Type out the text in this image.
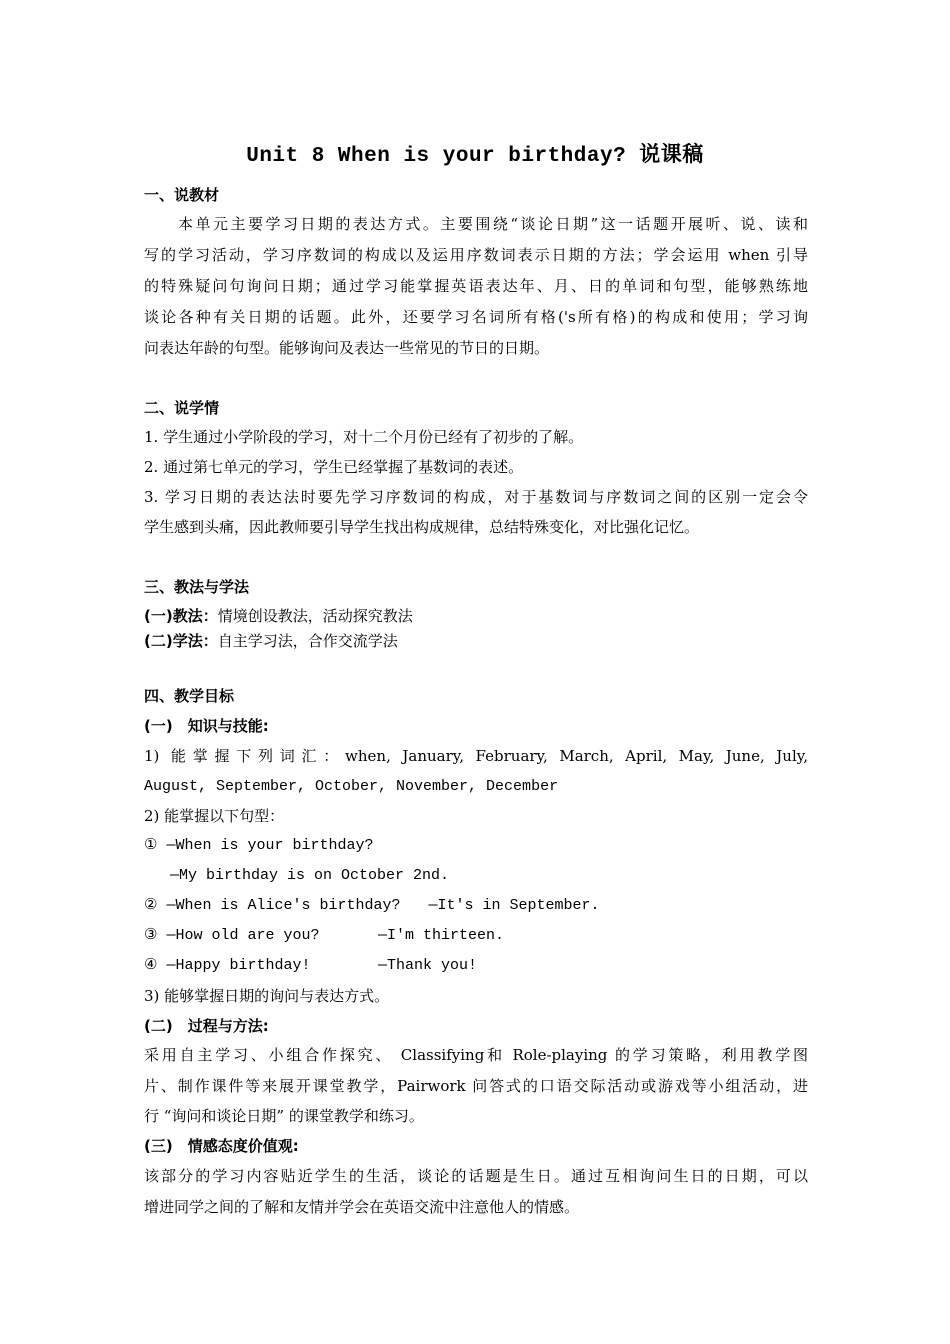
Unit 8 When is your birthday? 说课稿
一、说教材
本单元主要学习日期的表达方式。主要围绕“谈论日期”这一话题开展听、说、读和
写的学习活动，学习序数词的构成以及运用序数词表示日期的方法；学会运用 when 引导
的特殊疑问句询问日期；通过学习能掌握英语表达年、月、日的单词和句型，能够熟练地
谈论各种有关日期的话题。此外，还要学习名词所有格('s所有格)的构成和使用；学习询
问表达年龄的句型。能够询问及表达一些常见的节日的日期。
二、说学情
1. 学生通过小学阶段的学习，对十二个月份已经有了初步的了解。
2. 通过第七单元的学习，学生已经掌握了基数词的表述。
3. 学习日期的表达法时要先学习序数词的构成，对于基数词与序数词之间的区别一定会令
学生感到头痛，因此教师要引导学生找出构成规律，总结特殊变化，对比强化记忆。
三、教法与学法
(一)教法：情境创设教法，活动探究教法
(二)学法：自主学习法，合作交流学法
四、教学目标
(一)　知识与技能:
1) 能掌握下列词汇：when, January, February, March, April, May, June, July,
August, September, October, November, December
2) 能掌握以下句型：
① —When is your birthday?
—My birthday is on October 2nd.
② —When is Alice's birthday? —It's in September.
③ —How old are you?	—I'm thirteen.
④ —Happy birthday!	—Thank you!
3) 能够掌握日期的询问与表达方式。
(二)　过程与方法:
采用自主学习、小组合作探究、 Classifying和 Role-playing 的学习策略，利用教学图
片、制作课件等来展开课堂教学，Pairwork 问答式的口语交际活动或游戏等小组活动，进
行 “询问和谈论日期” 的课堂教学和练习。
(三)　情感态度价值观:
该部分的学习内容贴近学生的生活，谈论的话题是生日。通过互相询问生日的日期，可以
增进同学之间的了解和友情并学会在英语交流中注意他人的情感。
